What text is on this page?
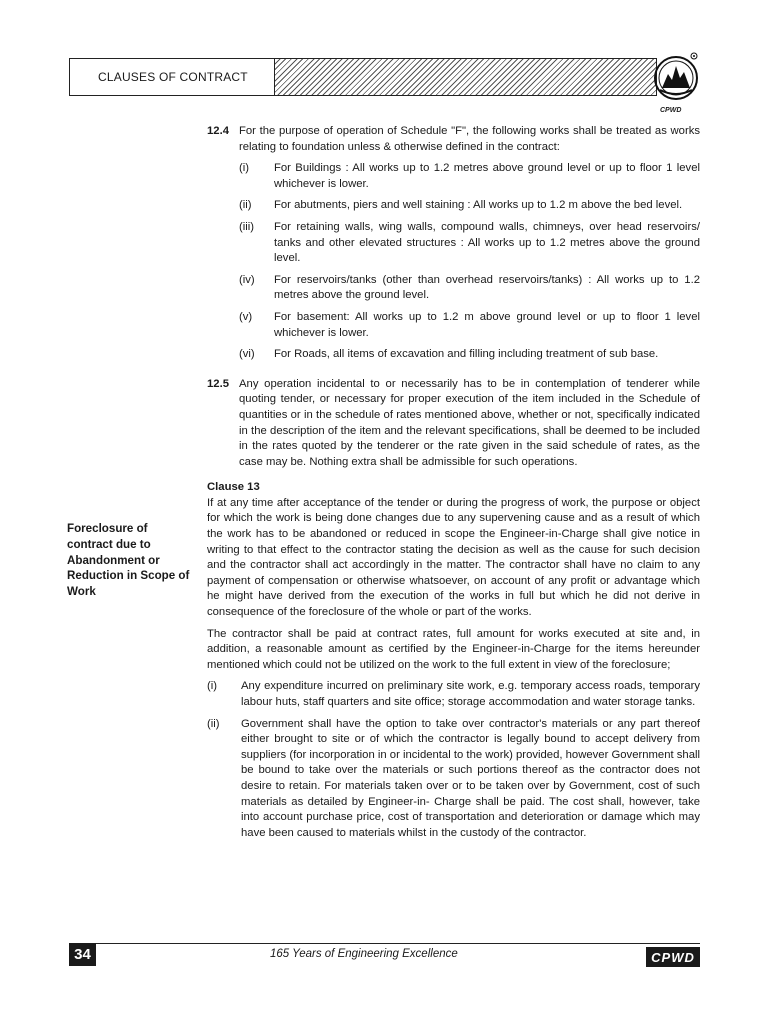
CLAUSES OF CONTRACT
CPWD
Foreclosure of contract due to Abandonment or Reduction in Scope of Work
12.4 For the purpose of operation of Schedule "F", the following works shall be treated as works relating to foundation unless & otherwise defined in the contract:
(i)	For Buildings : All works up to 1.2 metres above ground level or up to floor 1 level whichever is lower.
(ii)	For abutments, piers and well staining : All works up to 1.2 m above the bed level.
(iii)	For retaining walls, wing walls, compound walls, chimneys, over head reservoirs/ tanks and other elevated structures : All works up to 1.2 metres above the ground level.
(iv)	For reservoirs/tanks (other than overhead reservoirs/tanks) : All works up to 1.2 metres above the ground level.
(v)	For basement: All works up to 1.2 m above ground level or up to floor 1 level whichever is lower.
(vi)	For Roads, all items of excavation and filling including treatment of sub base.
12.5 Any operation incidental to or necessarily has to be in contemplation of tenderer while quoting tender, or necessary for proper execution of the item included in the Schedule of quantities or in the schedule of rates mentioned above, whether or not, specifically indicated in the description of the item and the relevant specifications, shall be deemed to be included in the rates quoted by the tenderer or the rate given in the said schedule of rates, as the case may be. Nothing extra shall be admissible for such operations.
Clause 13
If at any time after acceptance of the tender or during the progress of work, the purpose or object for which the work is being done changes due to any supervening cause and as a result of which the work has to be abandoned or reduced in scope the Engineer-in-Charge shall give notice in writing to that effect to the contractor stating the decision as well as the cause for such decision and the contractor shall act accordingly in the matter. The contractor shall have no claim to any payment of compensation or otherwise whatsoever, on account of any profit or advantage which he might have derived from the execution of the works in full but which he did not derive in consequence of the foreclosure of the whole or part of the works.
The contractor shall be paid at contract rates, full amount for works executed at site and, in addition, a reasonable amount as certified by the Engineer-in-Charge for the items hereunder mentioned which could not be utilized on the work to the full extent in view of the foreclosure;
(i)	Any expenditure incurred on preliminary site work, e.g. temporary access roads, temporary labour huts, staff quarters and site office; storage accommodation and water storage tanks.
(ii)	Government shall have the option to take over contractor's materials or any part thereof either brought to site or of which the contractor is legally bound to accept delivery from suppliers (for incorporation in or incidental to the work) provided, however Government shall be bound to take over the materials or such portions thereof as the contractor does not desire to retain. For materials taken over or to be taken over by Government, cost of such materials as detailed by Engineer-in- Charge shall be paid. The cost shall, however, take into account purchase price, cost of transportation and deterioration or damage which may have been caused to materials whilst in the custody of the contractor.
34	165 Years of Engineering Excellence	CPWD
